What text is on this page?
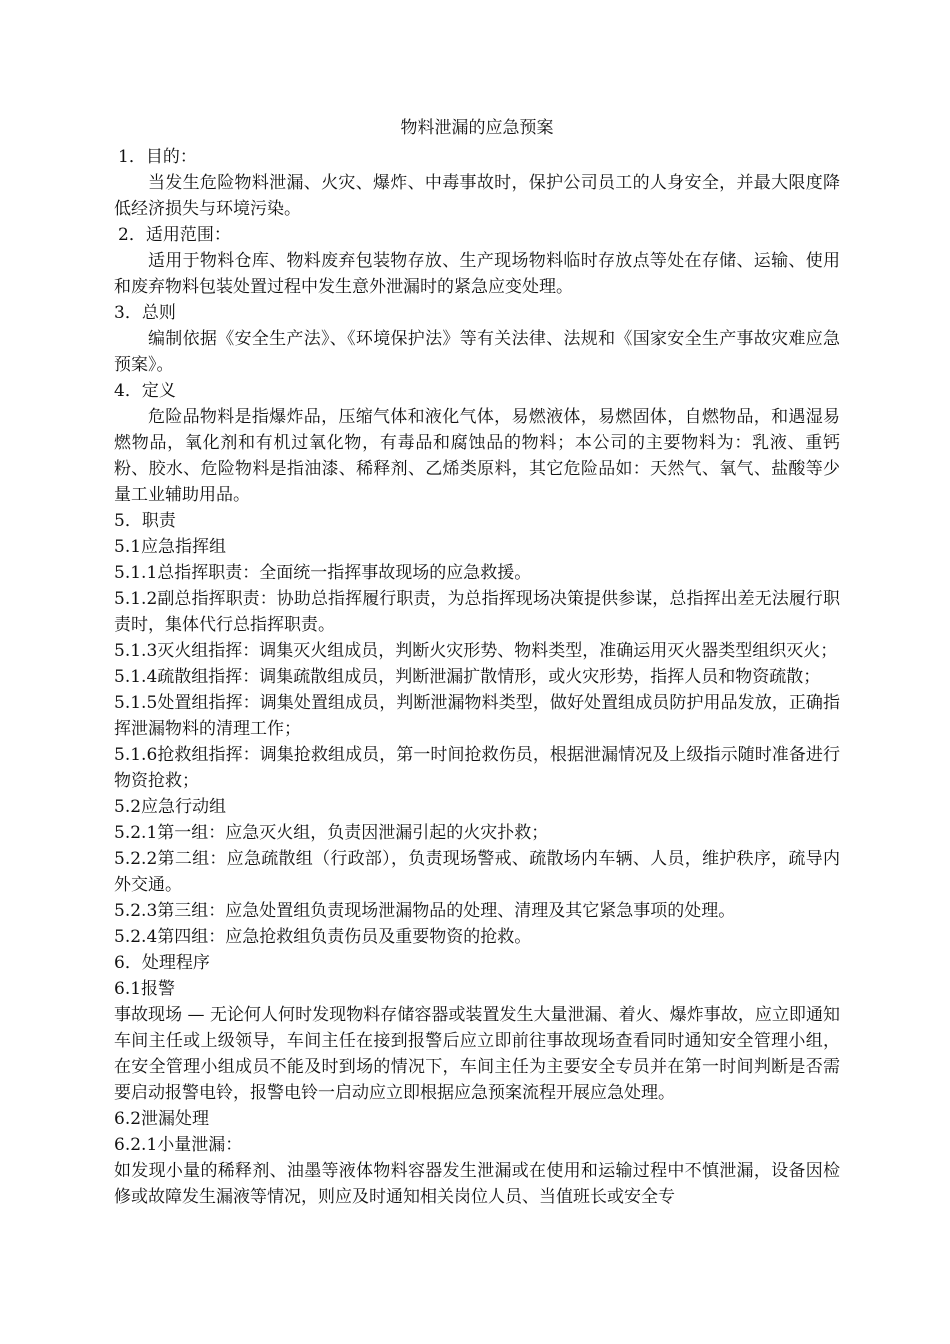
物料泄漏的应急预案

1．目的：

当发生危险物料泄漏、火灾、爆炸、中毒事故时，保护公司员工的人身安全，并最大限度降低经济损失与环境污染。

2．适用范围：

适用于物料仓库、物料废弃包装物存放、生产现场物料临时存放点等处在存储、运输、使用和废弃物料包装处置过程中发生意外泄漏时的紧急应变处理。

3．总则

编制依据《安全生产法》、《环境保护法》等有关法律、法规和《国家安全生产事故灾难应急预案》。

4．定义

危险品物料是指爆炸品，压缩气体和液化气体，易燃液体，易燃固体，自燃物品，和遇湿易燃物品，氧化剂和有机过氧化物，有毒品和腐蚀品的物料；本公司的主要物料为：乳液、重钙粉、胶水、危险物料是指油漆、稀释剂、乙烯类原料，其它危险品如：天然气、氧气、盐酸等少量工业辅助用品。

5．职责

5.1应急指挥组

5.1.1总指挥职责：全面统一指挥事故现场的应急救援。

5.1.2副总指挥职责：协助总指挥履行职责，为总指挥现场决策提供参谋，总指挥出差无法履行职责时，集体代行总指挥职责。

5.1.3灭火组指挥：调集灭火组成员，判断火灾形势、物料类型，准确运用灭火器类型组织灭火；

5.1.4疏散组指挥：调集疏散组成员，判断泄漏扩散情形，或火灾形势，指挥人员和物资疏散；

5.1.5处置组指挥：调集处置组成员，判断泄漏物料类型，做好处置组成员防护用品发放，正确指挥泄漏物料的清理工作；

5.1.6抢救组指挥：调集抢救组成员，第一时间抢救伤员，根据泄漏情况及上级指示随时准备进行物资抢救；

5.2应急行动组

5.2.1第一组：应急灭火组，负责因泄漏引起的火灾扑救；

5.2.2第二组：应急疏散组（行政部），负责现场警戒、疏散场内车辆、人员，维护秩序，疏导内外交通。

5.2.3第三组：应急处置组负责现场泄漏物品的处理、清理及其它紧急事项的处理。

5.2.4第四组：应急抢救组负责伤员及重要物资的抢救。

6．处理程序

6.1报警

事故现场 — 无论何人何时发现物料存储容器或装置发生大量泄漏、着火、爆炸事故，应立即通知车间主任或上级领导，车间主任在接到报警后应立即前往事故现场查看同时通知安全管理小组，在安全管理小组成员不能及时到场的情况下，车间主任为主要安全专员并在第一时间判断是否需要启动报警电铃，报警电铃一启动应立即根据应急预案流程开展应急处理。

6.2泄漏处理

6.2.1小量泄漏：

如发现小量的稀释剂、油墨等液体物料容器发生泄漏或在使用和运输过程中不慎泄漏，设备因检修或故障发生漏液等情况，则应及时通知相关岗位人员、当值班长或安全专
